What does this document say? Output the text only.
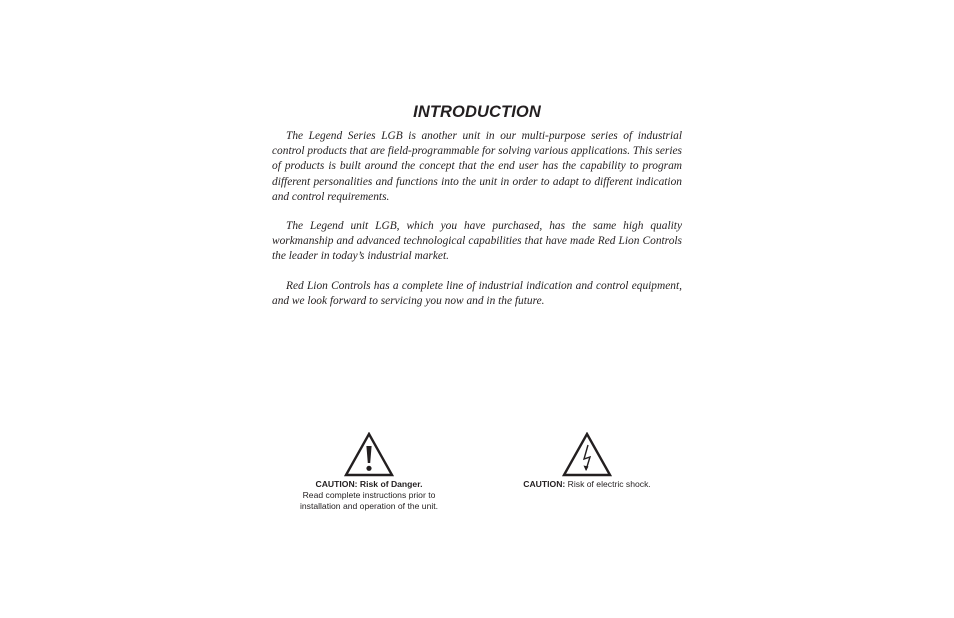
INTRODUCTION

The Legend Series LGB is another unit in our multi-purpose series of industrial control products that are field-programmable for solving various applications. This series of products is built around the concept that the end user has the capability to program different personalities and functions into the unit in order to adapt to different indication and control requirements.

The Legend unit LGB, which you have purchased, has the same high quality workmanship and advanced technological capabilities that have made Red Lion Controls the leader in today’s industrial market.

Red Lion Controls has a complete line of industrial indication and control equipment, and we look forward to servicing you now and in the future.

CAUTION: Risk of Danger.
Read complete instructions prior to
installation and operation of the unit.
CAUTION: Risk of electric shock.
